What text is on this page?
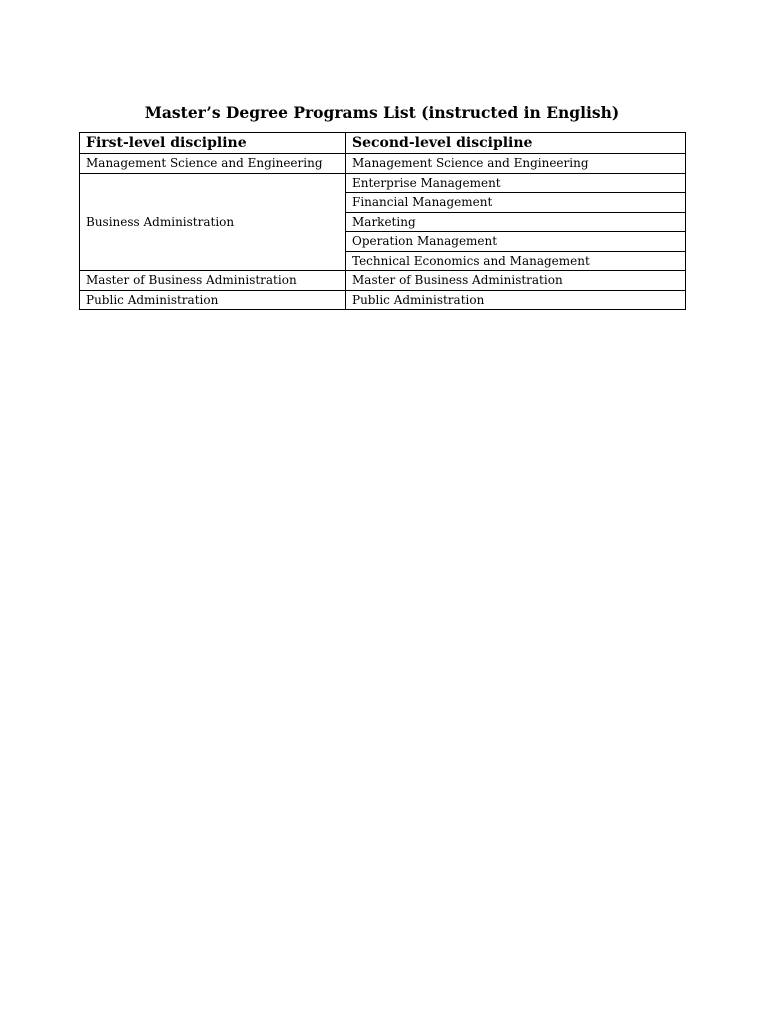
Master’s Degree Programs List (instructed in English)
First-level discipline	Second-level discipline
Management Science and Engineering	Management Science and Engineering
Business Administration	Enterprise Management
	Financial Management
	Marketing
	Operation Management
	Technical Economics and Management
Master of Business Administration	Master of Business Administration
Public Administration	Public Administration
